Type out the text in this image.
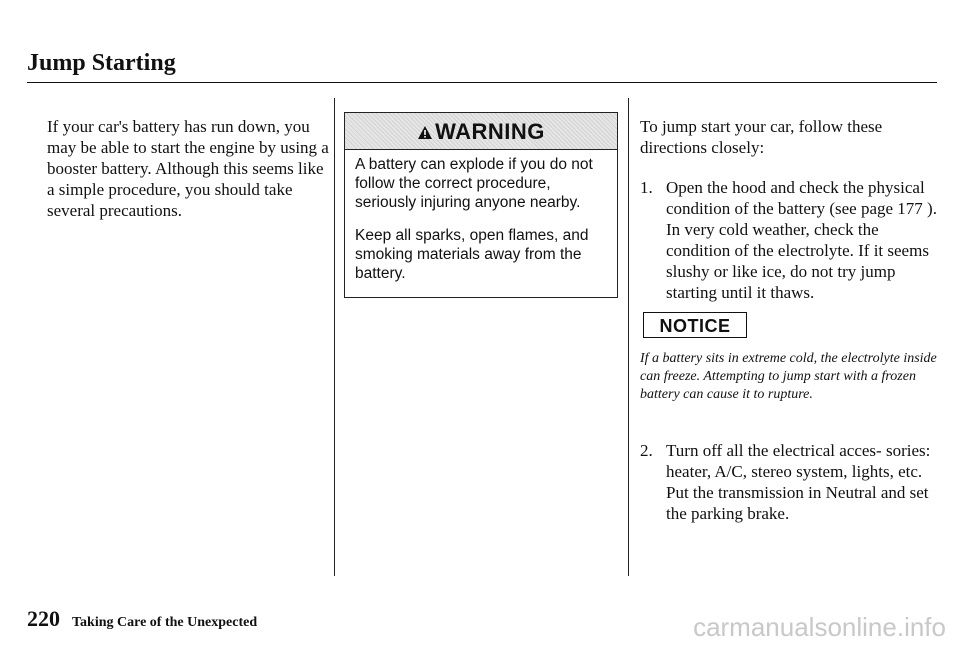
Jump Starting
If your car's battery has run down, you may be able to start the engine by using a booster battery. Although this seems like a simple procedure, you should take several precautions.
WARNING

A battery can explode if you do not follow the correct procedure, seriously injuring anyone nearby.

Keep all sparks, open flames, and smoking materials away from the battery.

To jump start your car, follow these directions closely:

1. Open the hood and check the physical condition of the battery (see page 177 ). In very cold weather, check the condition of the electrolyte. If it seems slushy or like ice, do not try jump starting until it thaws.
NOTICE
If a battery sits in extreme cold, the electrolyte inside can freeze. Attempting to jump start with a frozen battery can cause it to rupture.
2. Turn off all the electrical acces- sories: heater, A/C, stereo system, lights, etc.
Put the transmission in Neutral and set the parking brake.
220 Taking Care of the Unexpected	carmanualsonline.info
